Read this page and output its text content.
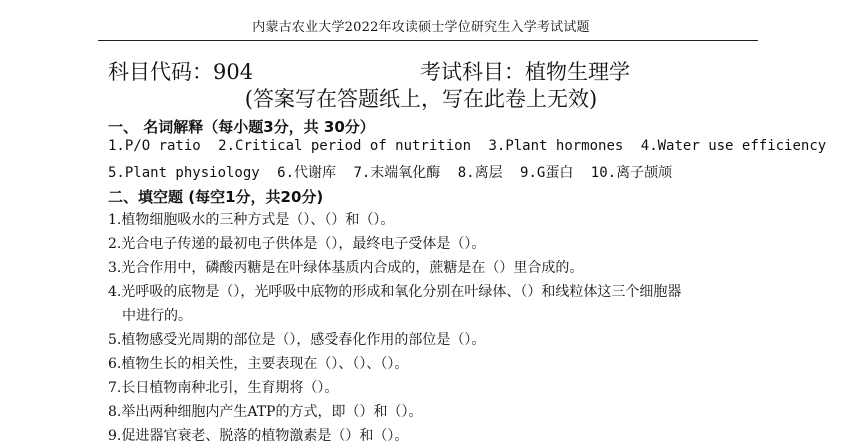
内蒙古农业大学2022年攻读硕士学位研究生入学考试试题
科目代码：904	考试科目：植物生理学
(答案写在答题纸上，写在此卷上无效)
一、 名词解释（每小题3分，共 30分）
1.P/O ratio 2.Critical period of nutrition 3.Plant hormones 4.Water use efficiency
5.Plant physiology 6.代谢库 7.末端氧化酶 8.离层 9.G蛋白 10.离子颉颃
二、填空题 (每空1分，共20分)
1.植物细胞吸水的三种方式是（）、（）和（）。
2.光合电子传递的最初电子供体是（），最终电子受体是（）。
3.光合作用中，磷酸丙糖是在叶绿体基质内合成的，蔗糖是在（）里合成的。
4.光呼吸的底物是（），光呼吸中底物的形成和氧化分别在叶绿体、（）和线粒体这三个细胞器
中进行的。
5.植物感受光周期的部位是（），感受春化作用的部位是（）。
6.植物生长的相关性，主要表现在（）、（）、（）。
7.长日植物南种北引，生育期将（）。
8.举出两种细胞内产生ATP的方式，即（）和（）。
9.促进器官衰老、脱落的植物激素是（）和（）。
